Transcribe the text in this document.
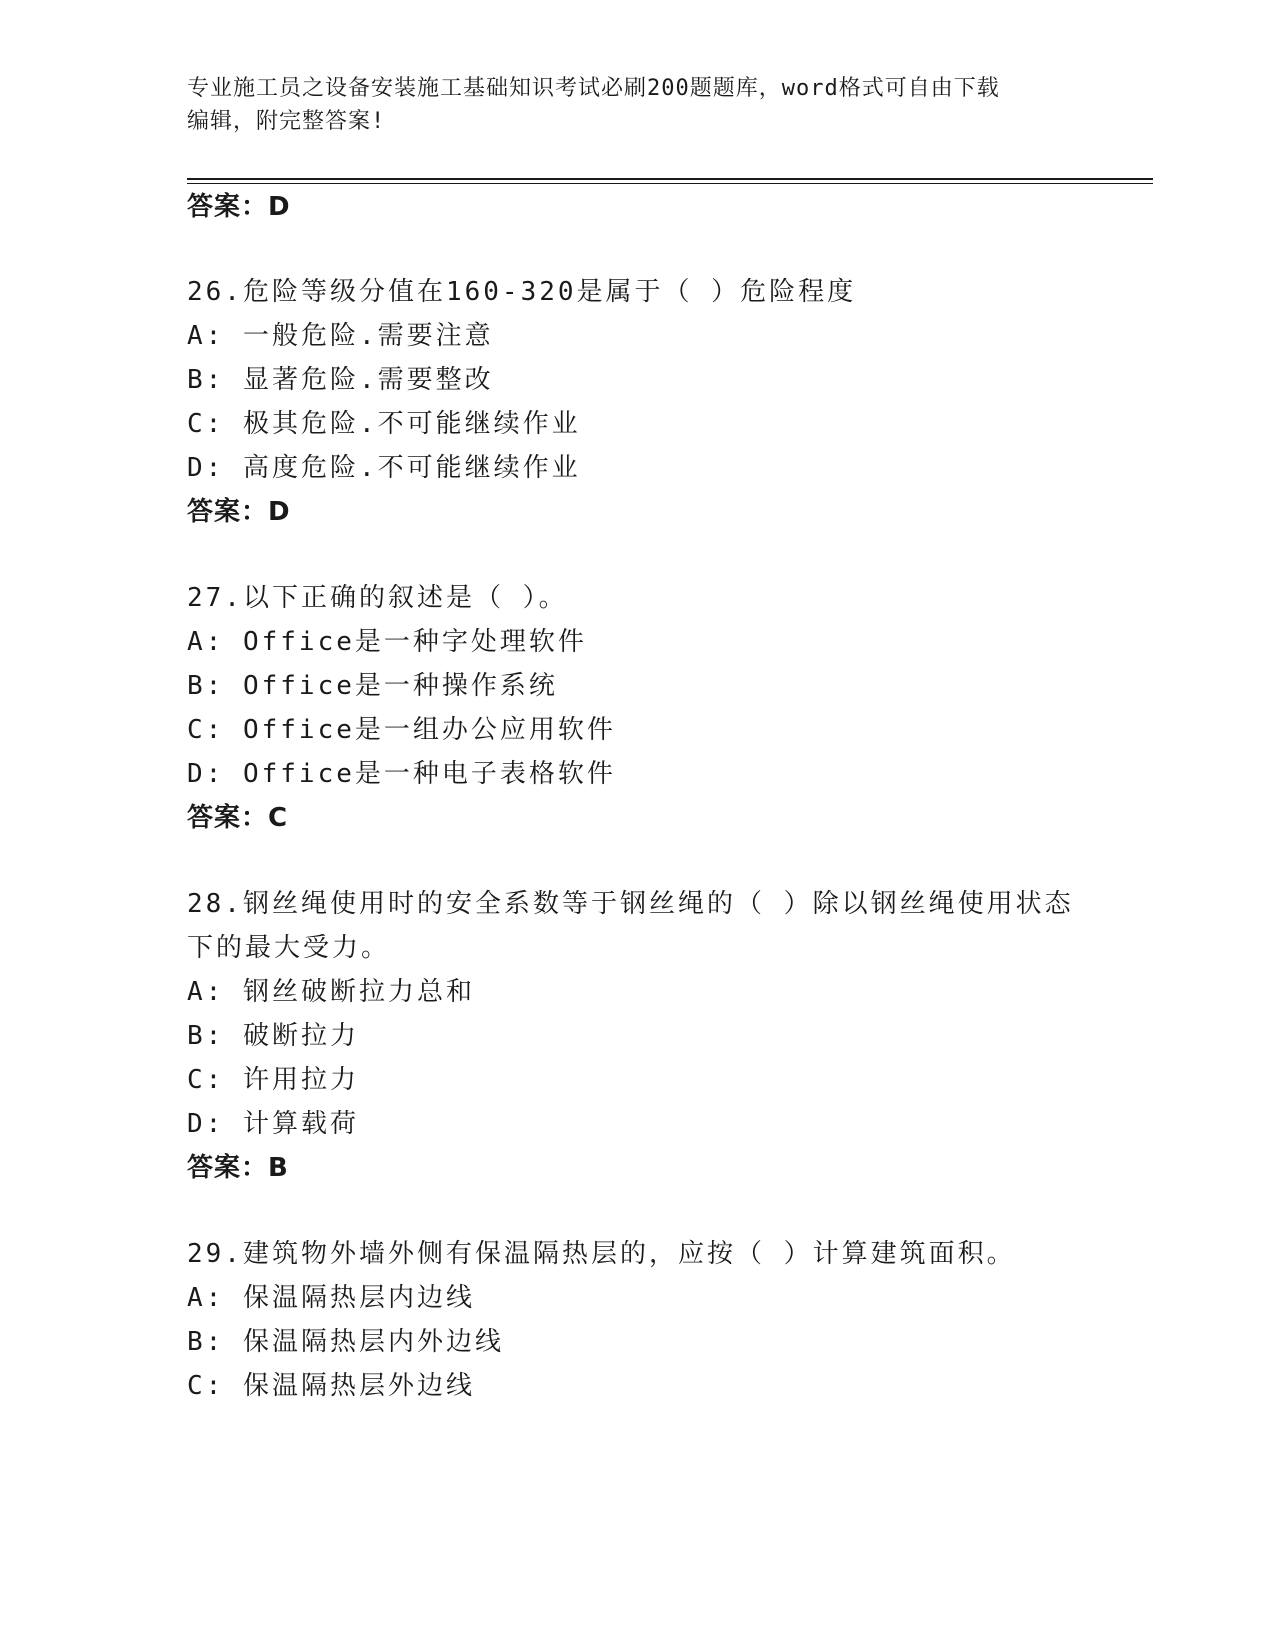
专业施工员之设备安装施工基础知识考试必刷200题题库，word格式可自由下载
编辑，附完整答案!
答案：D
26.危险等级分值在160-320是属于（ ）危险程度
A: 一般危险.需要注意
B: 显著危险.需要整改
C: 极其危险.不可能继续作业
D: 高度危险.不可能继续作业
答案：D
27.以下正确的叙述是（ ）。
A: Office是一种字处理软件
B: Office是一种操作系统
C: Office是一组办公应用软件
D: Office是一种电子表格软件
答案：C
28.钢丝绳使用时的安全系数等于钢丝绳的（ ）除以钢丝绳使用状态
下的最大受力。
A: 钢丝破断拉力总和
B: 破断拉力
C: 许用拉力
D: 计算载荷
答案：B
29.建筑物外墙外侧有保温隔热层的，应按（ ）计算建筑面积。
A: 保温隔热层内边线
B: 保温隔热层内外边线
C: 保温隔热层外边线
